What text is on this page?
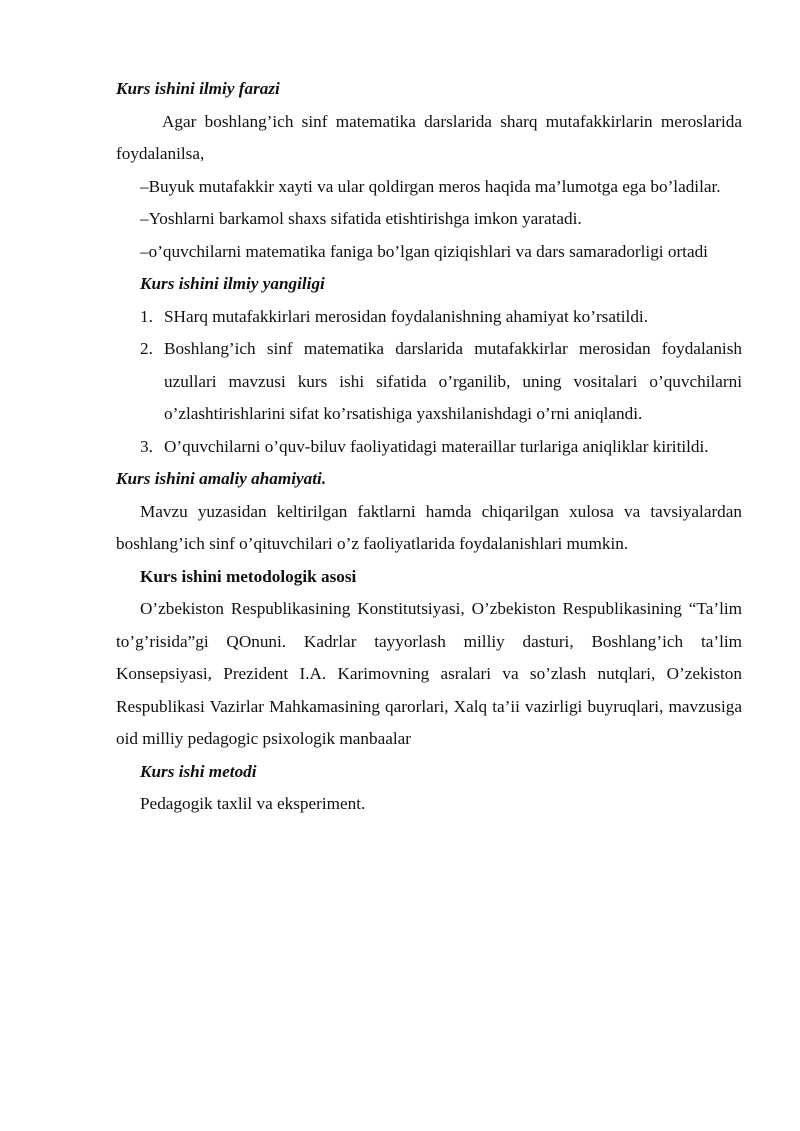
Kurs ishini ilmiy farazi

Agar boshlang’ich sinf matematika darslarida sharq mutafakkirlarin meroslarida foydalanilsa,

–Buyuk mutafakkir xayti va ular qoldirgan meros haqida ma’lumotga ega bo’ladilar.

–Yoshlarni barkamol shaxs sifatida etishtirishga imkon yaratadi.

–o’quvchilarni matematika faniga bo’lgan qiziqishlari va dars samaradorligi ortadi

Kurs ishini ilmiy yangiligi

1. SHarq mutafakkirlari merosidan foydalanishning ahamiyat ko’rsatildi.
2. Boshlang’ich sinf matematika darslarida mutafakkirlar merosidan foydalanish uzullari mavzusi kurs ishi sifatida o’rganilib, uning vositalari o’quvchilarni o’zlashtirishlarini sifat ko’rsatishiga yaxshilanishdagi o’rni aniqlandi.
3. O’quvchilarni o’quv-biluv faoliyatidagi materaillar turlariga aniqliklar kiritildi.

Kurs ishini amaliy ahamiyati.

Mavzu yuzasidan keltirilgan faktlarni hamda chiqarilgan xulosa va tavsiyalardan boshlang’ich sinf o’qituvchilari o’z faoliyatlarida foydalanishlari mumkin.

Kurs ishini metodologik asosi

O’zbekiston Respublikasining Konstitutsiyasi, O’zbekiston Respublikasining “Ta’lim to’g’risida”gi QOnuni. Kadrlar tayyorlash milliy dasturi, Boshlang’ich ta’lim Konsepsiyasi, Prezident I.A. Karimovning asralari va so’zlash nutqlari, O’zekiston Respublikasi Vazirlar Mahkamasining qarorlari, Xalq ta’ii vazirligi buyruqlari, mavzusiga oid milliy pedagogic psixologik manbaalar

Kurs ishi metodi

Pedagogik taxlil va eksperiment.
